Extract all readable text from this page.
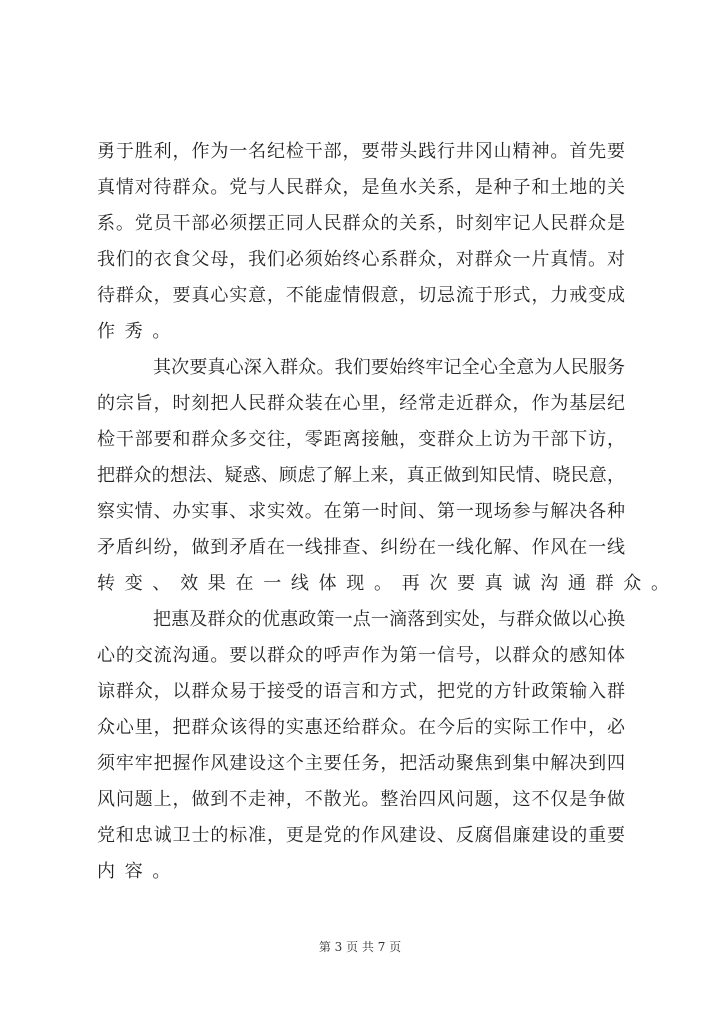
勇于胜利，作为一名纪检干部，要带头践行井冈山精神。首先要
真情对待群众。党与人民群众，是鱼水关系，是种子和土地的关
系。党员干部必须摆正同人民群众的关系，时刻牢记人民群众是
我们的衣食父母，我们必须始终心系群众，对群众一片真情。对
待群众，要真心实意，不能虚情假意，切忌流于形式，力戒变成
作秀。
其次要真心深入群众。我们要始终牢记全心全意为人民服务
的宗旨，时刻把人民群众装在心里，经常走近群众，作为基层纪
检干部要和群众多交往，零距离接触，变群众上访为干部下访，
把群众的想法、疑惑、顾虑了解上来，真正做到知民情、晓民意，
察实情、办实事、求实效。在第一时间、第一现场参与解决各种
矛盾纠纷，做到矛盾在一线排查、纠纷在一线化解、作风在一线
转变、效果在一线体现。再次要真诚沟通群众。
把惠及群众的优惠政策一点一滴落到实处，与群众做以心换
心的交流沟通。要以群众的呼声作为第一信号，以群众的感知体
谅群众，以群众易于接受的语言和方式，把党的方针政策输入群
众心里，把群众该得的实惠还给群众。在今后的实际工作中，必
须牢牢把握作风建设这个主要任务，把活动聚焦到集中解决到四
风问题上，做到不走神，不散光。整治四风问题，这不仅是争做
党和忠诚卫士的标准，更是党的作风建设、反腐倡廉建设的重要
内容。
第 3 页 共 7 页
